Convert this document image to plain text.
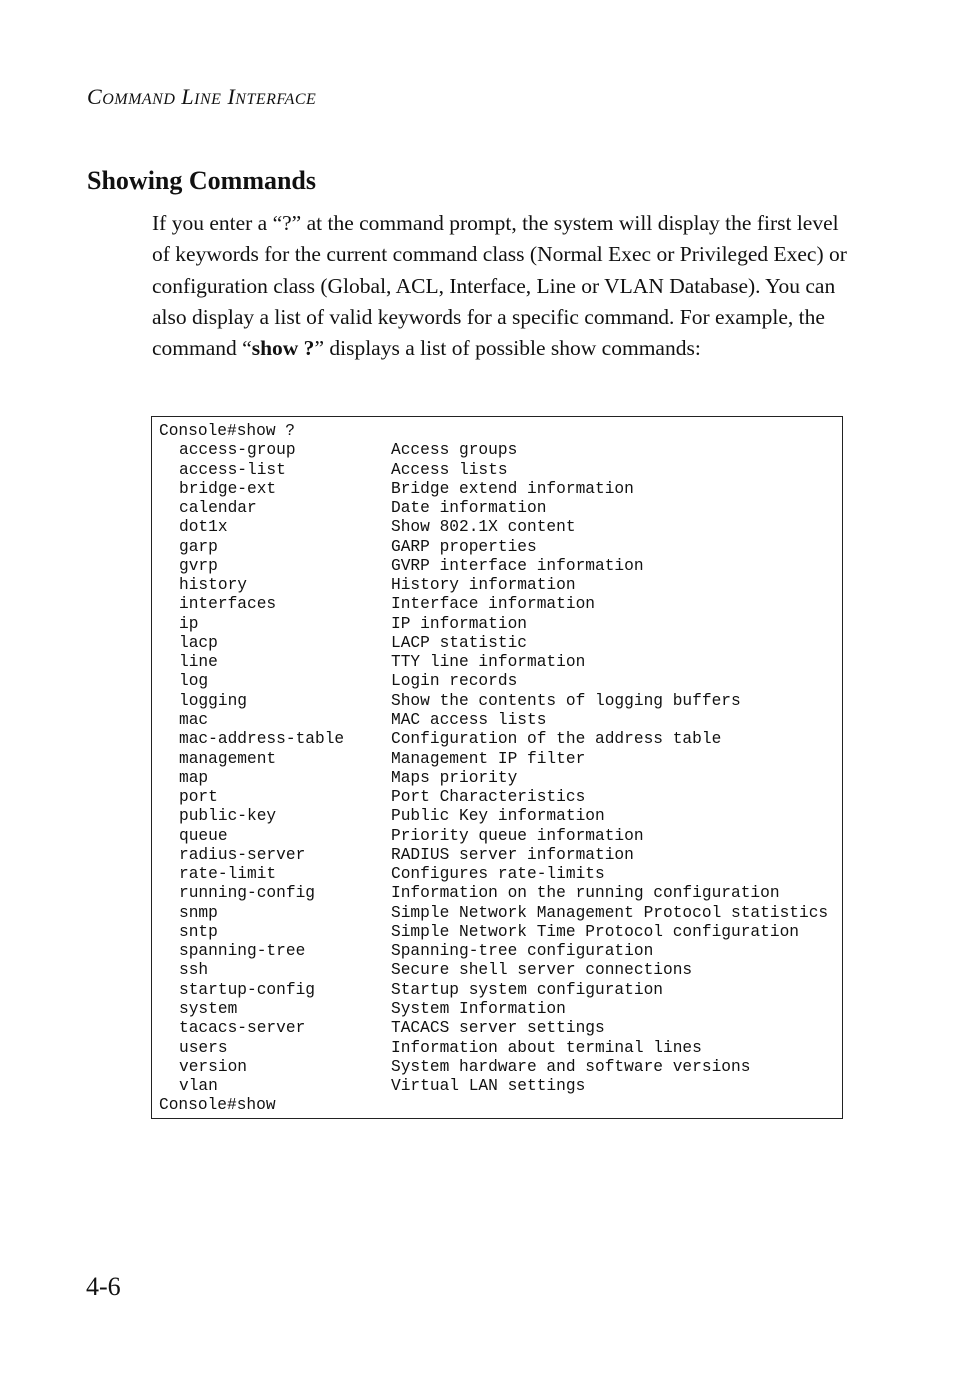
COMMAND LINE INTERFACE
Showing Commands

If you enter a “?” at the command prompt, the system will display the first level of keywords for the current command class (Normal Exec or Privileged Exec) or configuration class (Global, ACL, Interface, Line or VLAN Database). You can also display a list of valid keywords for a specific command. For example, the command “show ?” displays a list of possible show commands:

Console#show ?
access-group	Access groups
access-list	Access lists
bridge-ext	Bridge extend information
calendar	Date information
dot1x	Show 802.1X content
garp	GARP properties
gvrp	GVRP interface information
history	History information
interfaces	Interface information
ip	IP information
lacp	LACP statistic
line	TTY line information
log	Login records
logging	Show the contents of logging buffers
mac	MAC access lists
mac-address-table	Configuration of the address table
management	Management IP filter
map	Maps priority
port	Port Characteristics
public-key	Public Key information
queue	Priority queue information
radius-server	RADIUS server information
rate-limit	Configures rate-limits
running-config	Information on the running configuration
snmp	Simple Network Management Protocol statistics
sntp	Simple Network Time Protocol configuration
spanning-tree	Spanning-tree configuration
ssh	Secure shell server connections
startup-config	Startup system configuration
system	System Information
tacacs-server	TACACS server settings
users	Information about terminal lines
version	System hardware and software versions
vlan	Virtual LAN settings
Console#show
4-6
